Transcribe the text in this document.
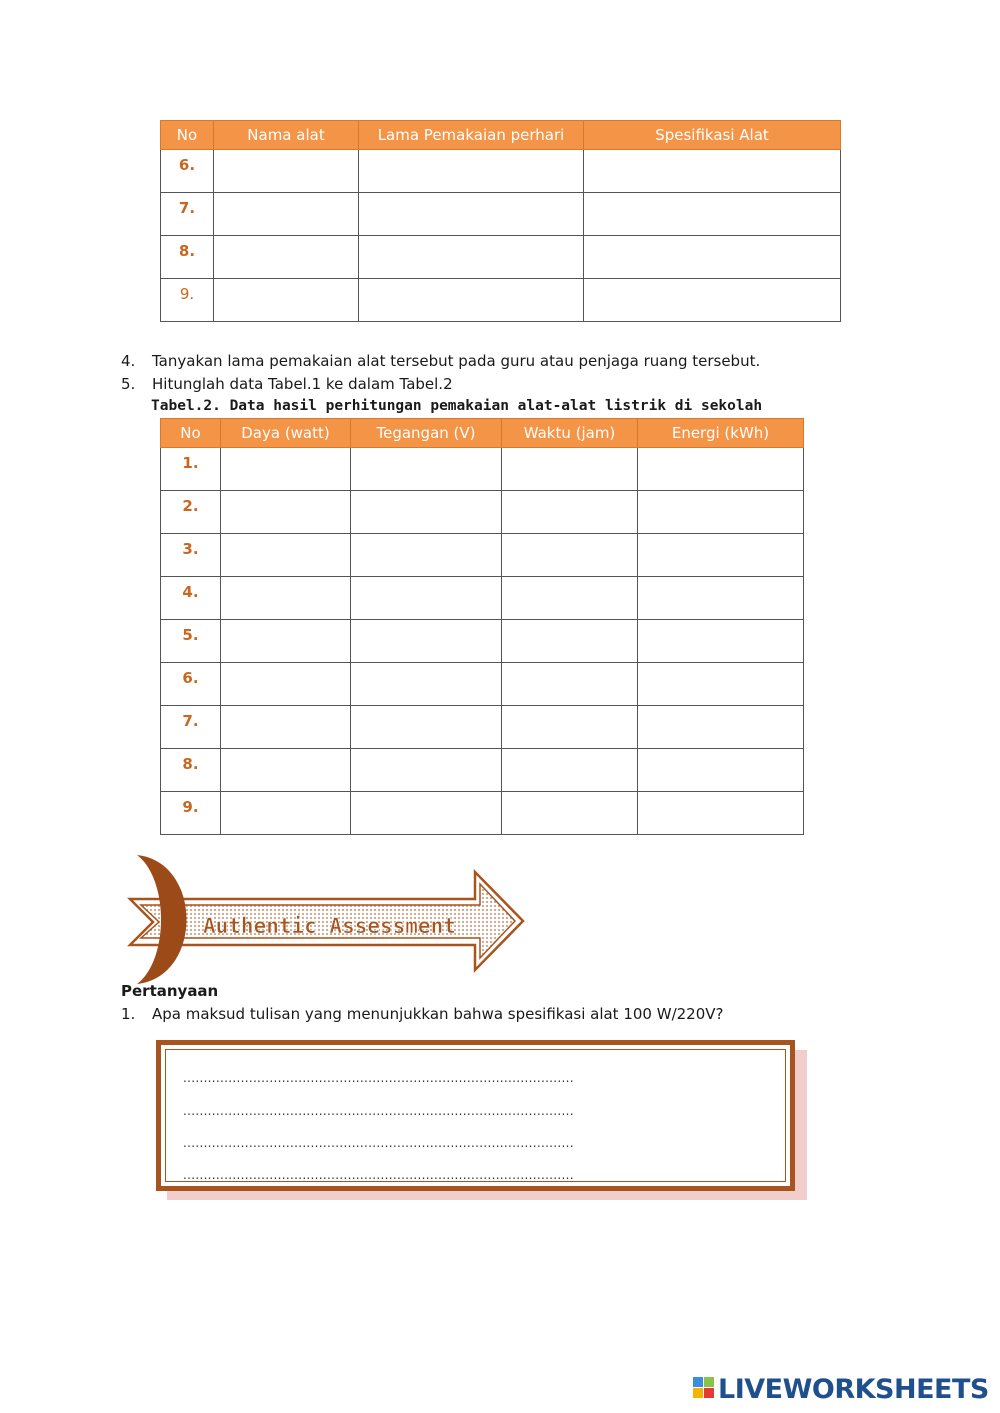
No	Nama alat	Lama Pemakaian perhari	Spesifikasi Alat
6.			
7.			
8.			
9.			
4. Tanyakan lama pemakaian alat tersebut pada guru atau penjaga ruang tersebut.
5. Hitunglah data Tabel.1 ke dalam Tabel.2
Tabel.2. Data hasil perhitungan pemakaian alat-alat listrik di sekolah
No	Daya (watt)	Tegangan (V)	Waktu (jam)	Energi (kWh)
1.				
2.				
3.				
4.				
5.				
6.				
7.				
8.				
9.				
Authentic Assessment
Pertanyaan
1. Apa maksud tulisan yang menunjukkan bahwa spesifikasi alat 100 W/220V?
...............................................................................................
...............................................................................................
...............................................................................................
...............................................................................................
LIVEWORKSHEETS
